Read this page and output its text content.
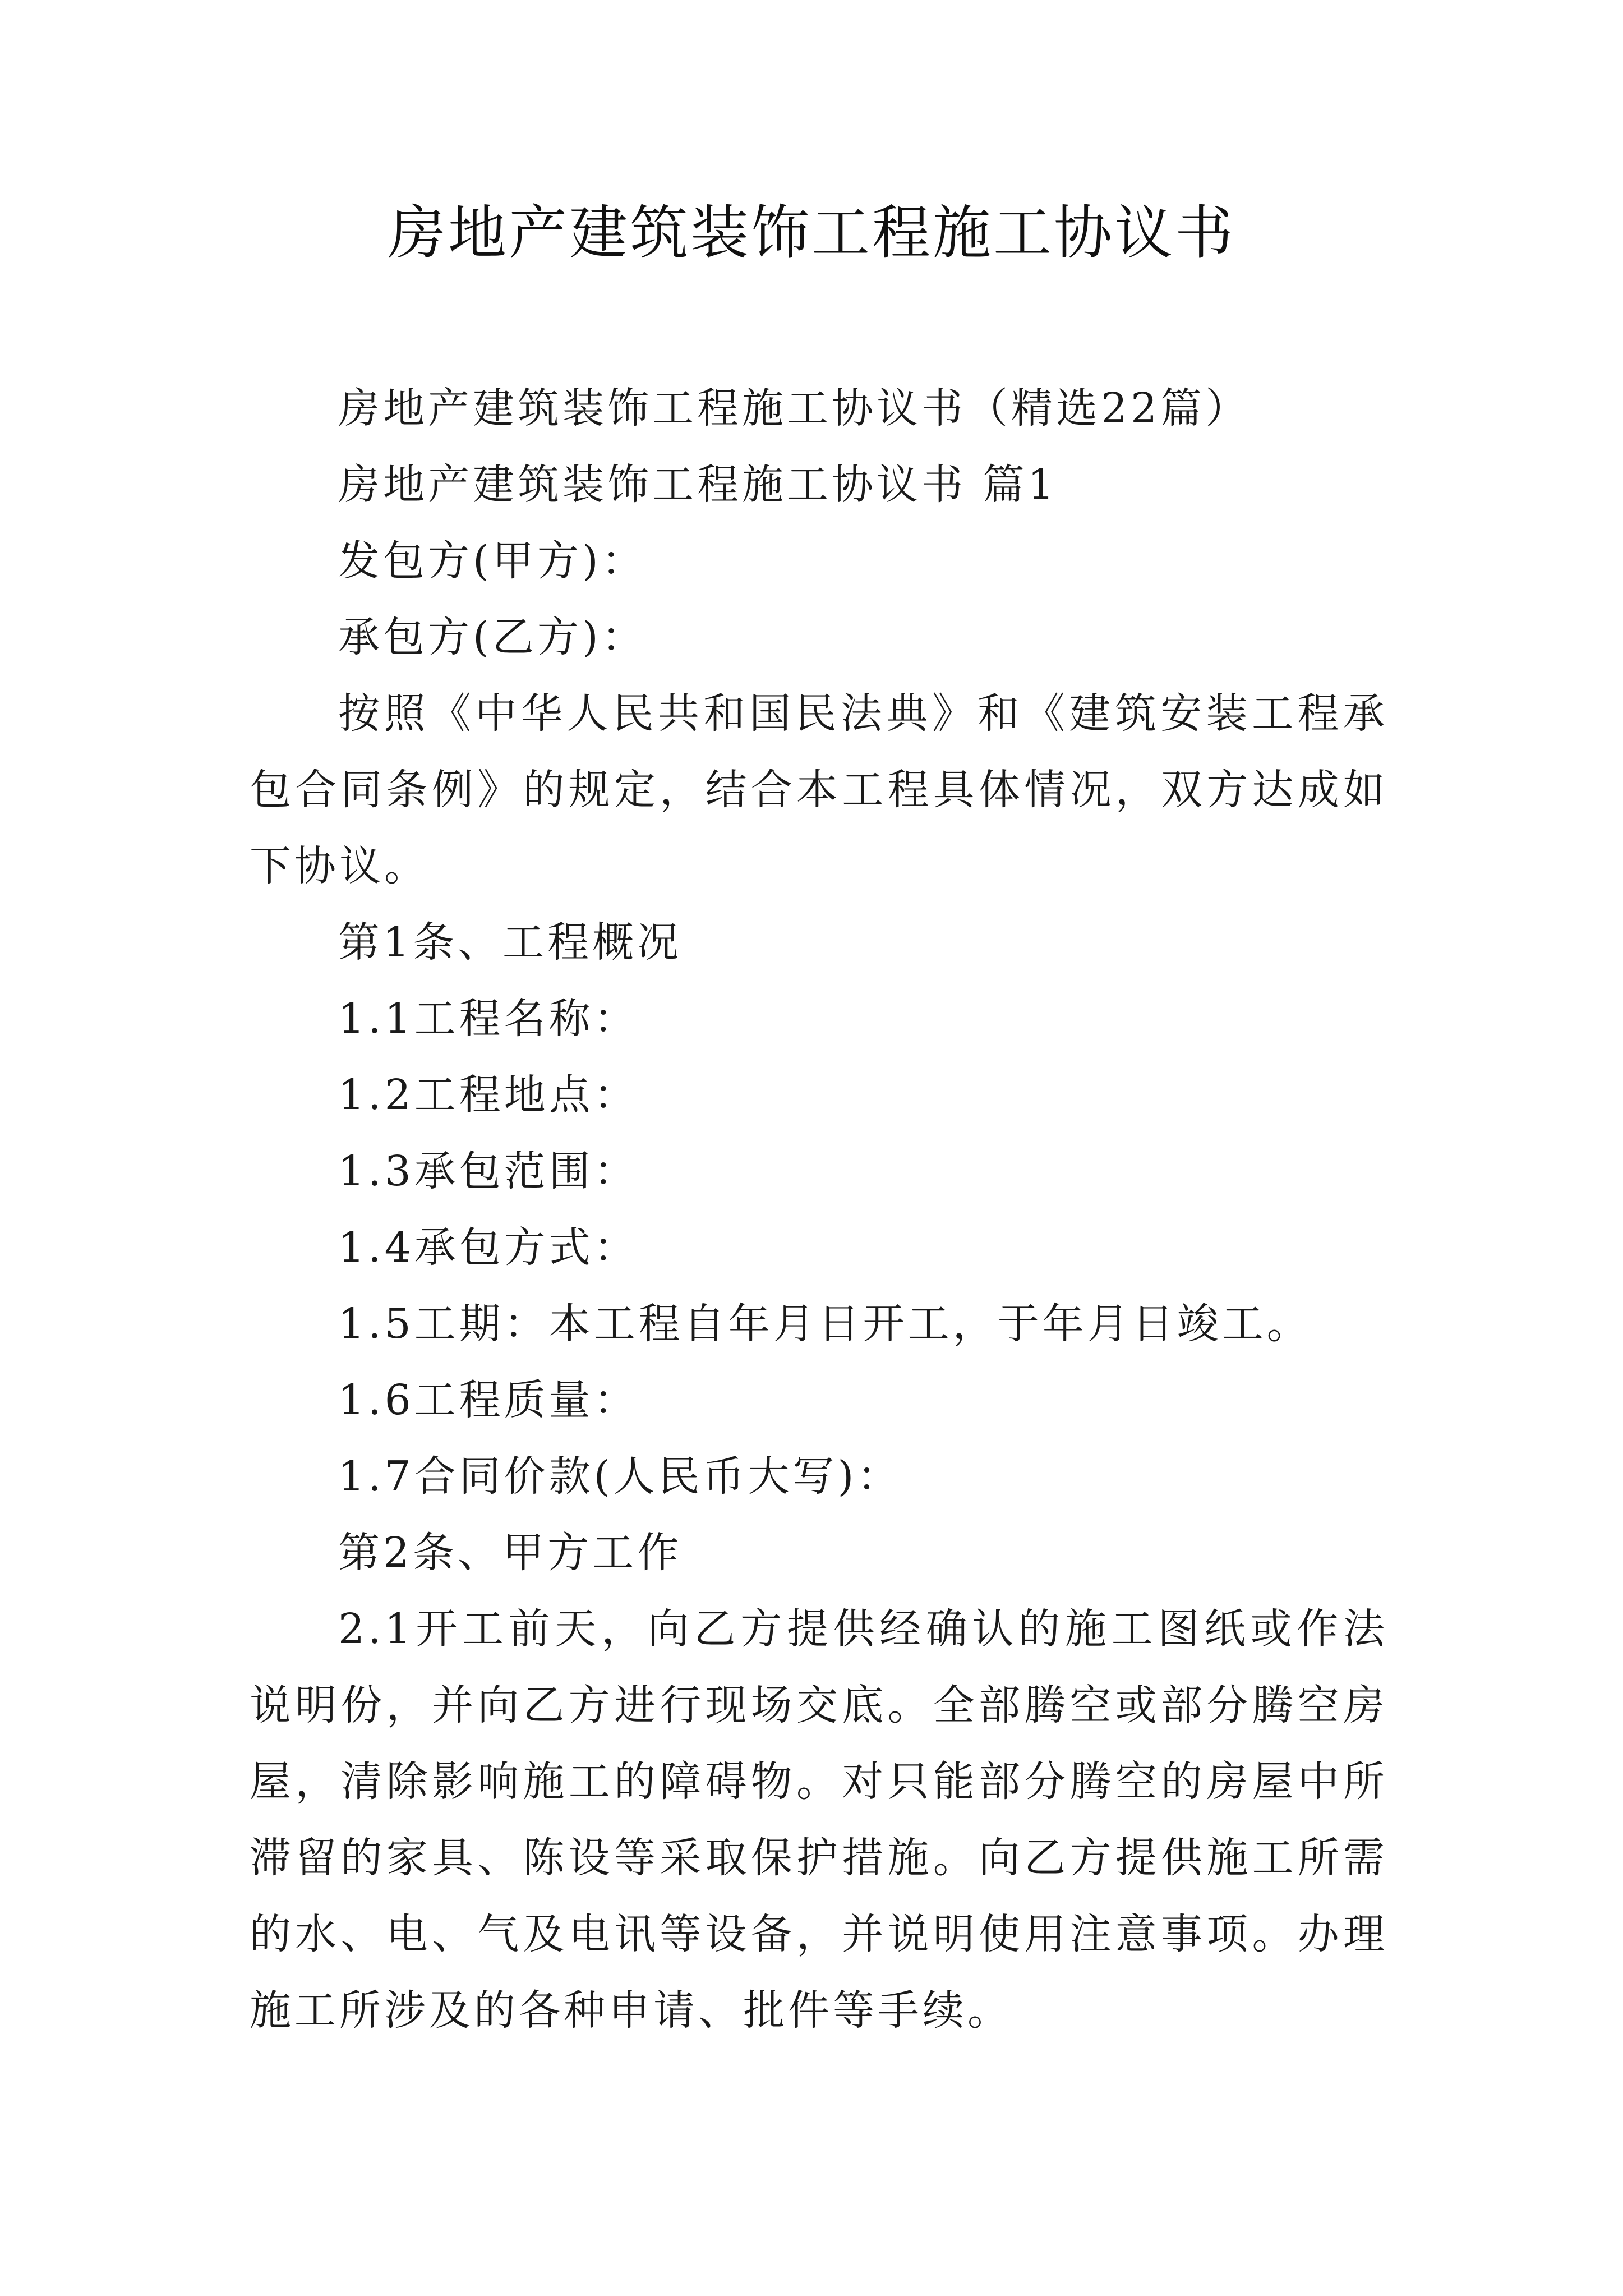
房地产建筑装饰工程施工协议书

房地产建筑装饰工程施工协议书（精选22篇）

房地产建筑装饰工程施工协议书 篇1

发包方(甲方)：

承包方(乙方)：

按照《中华人民共和国民法典》和《建筑安装工程承包合同条例》的规定，结合本工程具体情况，双方达成如下协议。

第1条、工程概况

1.1工程名称：

1.2工程地点：

1.3承包范围：

1.4承包方式：

1.5工期：本工程自年月日开工，于年月日竣工。

1.6工程质量：

1.7合同价款(人民币大写)：

第2条、甲方工作

2.1开工前天，向乙方提供经确认的施工图纸或作法说明份，并向乙方进行现场交底。全部腾空或部分腾空房屋，清除影响施工的障碍物。对只能部分腾空的房屋中所滞留的家具、陈设等采取保护措施。向乙方提供施工所需的水、电、气及电讯等设备，并说明使用注意事项。办理施工所涉及的各种申请、批件等手续。
